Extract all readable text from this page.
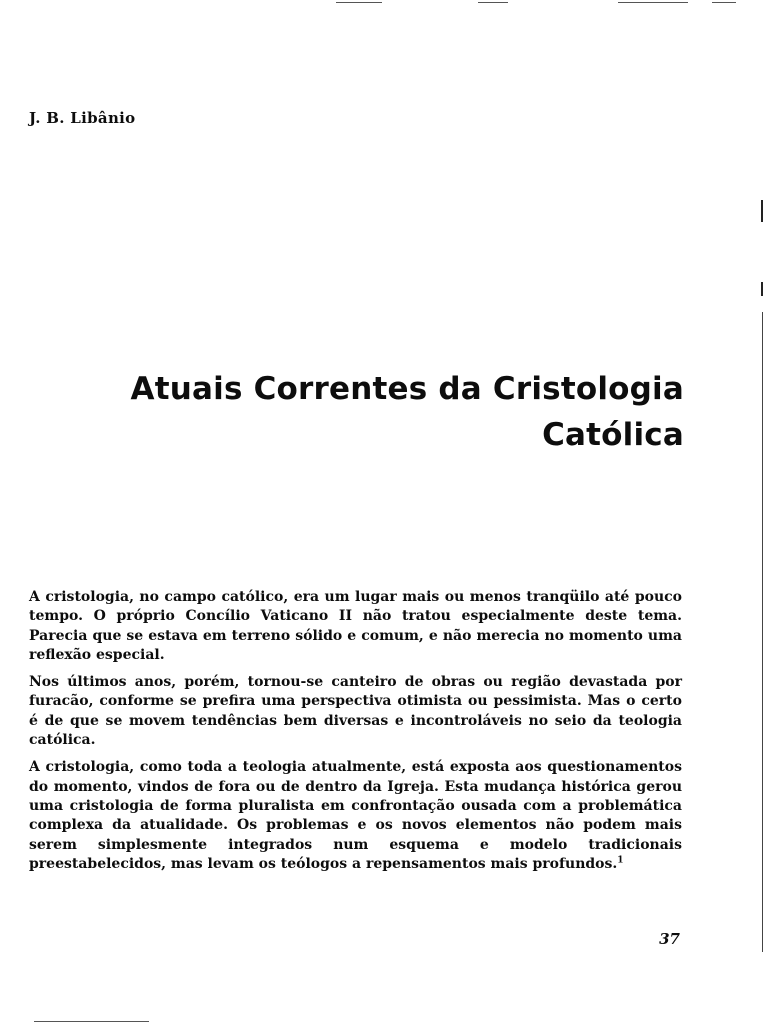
J. B. Libânio

Atuais Correntes da Cristologia
Católica

A cristologia, no campo católico, era um lugar mais ou menos tranqüilo até pouco tempo. O próprio Concílio Vaticano II não tratou especialmente deste tema. Parecia que se estava em terreno sólido e comum, e não merecia no momento uma reflexão especial.

Nos últimos anos, porém, tornou-se canteiro de obras ou região devastada por furacão, conforme se prefira uma perspectiva otimista ou pessimista. Mas o certo é de que se movem tendências bem diversas e incontroláveis no seio da teologia católica.

A cristologia, como toda a teologia atualmente, está exposta aos questionamentos do momento, vindos de fora ou de dentro da Igreja. Esta mudança histórica gerou uma cristologia de forma pluralista em confrontação ousada com a problemática complexa da atualidade. Os problemas e os novos elementos não podem mais serem simplesmente integrados num esquema e modelo tradicionais preestabelecidos, mas levam os teólogos a repensamentos mais profundos.$^1$

37
